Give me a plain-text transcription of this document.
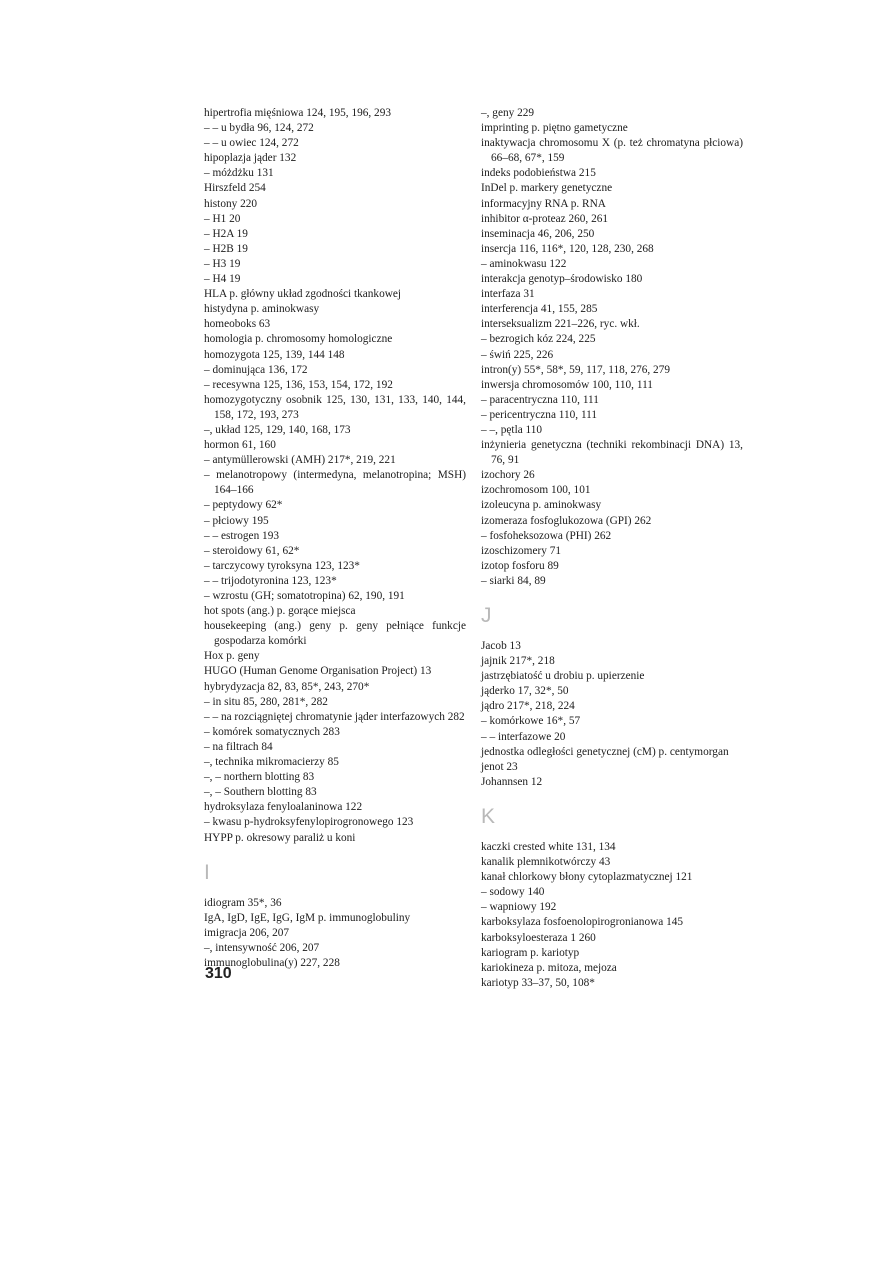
hipertrofia mięśniowa 124, 195, 196, 293
– – u bydła 96, 124, 272
– – u owiec 124, 272
hipoplazja jąder 132
– móżdżku 131
Hirszfeld 254
histony 220
– H1 20
– H2A 19
– H2B 19
– H3 19
– H4 19
HLA p. główny układ zgodności tkankowej
histydyna p. aminokwasy
homeoboks 63
homologia p. chromosomy homologiczne
homozygota 125, 139, 144 148
– dominująca 136, 172
– recesywna 125, 136, 153, 154, 172, 192
homozygotyczny osobnik 125, 130, 131, 133, 140, 144, 158, 172, 193, 273
–, układ 125, 129, 140, 168, 173
hormon 61, 160
– antymüllerowski (AMH) 217*, 219, 221
– melanotropowy (intermedyna, melanotropina; MSH) 164–166
– peptydowy 62*
– płciowy 195
– – estrogen 193
– steroidowy 61, 62*
– tarczycowy tyroksyna 123, 123*
– – trijodotyronina 123, 123*
– wzrostu (GH; somatotropina) 62, 190, 191
hot spots (ang.) p. gorące miejsca
housekeeping (ang.) geny p. geny pełniące funkcje gospodarza komórki
Hox p. geny
HUGO (Human Genome Organisation Project) 13
hybrydyzacja 82, 83, 85*, 243, 270*
– in situ 85, 280, 281*, 282
– – na rozciągniętej chromatynie jąder interfazowych 282
– komórek somatycznych 283
– na filtrach 84
–, technika mikromacierzy 85
–, – northern blotting 83
–, – Southern blotting 83
hydroksylaza fenyloalaninowa 122
– kwasu p-hydroksyfenylopirogronowego 123
HYPP p. okresowy paraliż u koni
I
idiogram 35*, 36
IgA, IgD, IgE, IgG, IgM p. immunoglobuliny
imigracja 206, 207
–, intensywność 206, 207
immunoglobulina(y) 227, 228
–, geny 229
imprinting p. piętno gametyczne
inaktywacja chromosomu X (p. też chromatyna płciowa) 66–68, 67*, 159
indeks podobieństwa 215
InDel p. markery genetyczne
informacyjny RNA p. RNA
inhibitor α-proteaz 260, 261
inseminacja 46, 206, 250
insercja 116, 116*, 120, 128, 230, 268
– aminokwasu 122
interakcja genotyp–środowisko 180
interfaza 31
interferencja 41, 155, 285
interseksualizm 221–226, ryc. wkł.
– bezrogich kóz 224, 225
– świń 225, 226
intron(y) 55*, 58*, 59, 117, 118, 276, 279
inwersja chromosomów 100, 110, 111
– paracentryczna 110, 111
– pericentryczna 110, 111
– –, pętla 110
inżynieria genetyczna (techniki rekombinacji DNA) 13, 76, 91
izochory 26
izochromosom 100, 101
izoleucyna p. aminokwasy
izomeraza fosfoglukozowa (GPI) 262
– fosfoheksozowa (PHI) 262
izoschizomery 71
izotop fosforu 89
– siarki 84, 89
J
Jacob 13
jajnik 217*, 218
jastrzębiatość u drobiu p. upierzenie
jąderko 17, 32*, 50
jądro 217*, 218, 224
– komórkowe 16*, 57
– – interfazowe 20
jednostka odległości genetycznej (cM) p. centymorgan
jenot 23
Johannsen 12
K
kaczki crested white 131, 134
kanalik plemnikotwórczy 43
kanał chlorkowy błony cytoplazmatycznej 121
– sodowy 140
– wapniowy 192
karboksylaza fosfoenolopirogronianowa 145
karboksyloesteraza 1 260
kariogram p. kariotyp
kariokineza p. mitoza, mejoza
kariotyp 33–37, 50, 108*
310
